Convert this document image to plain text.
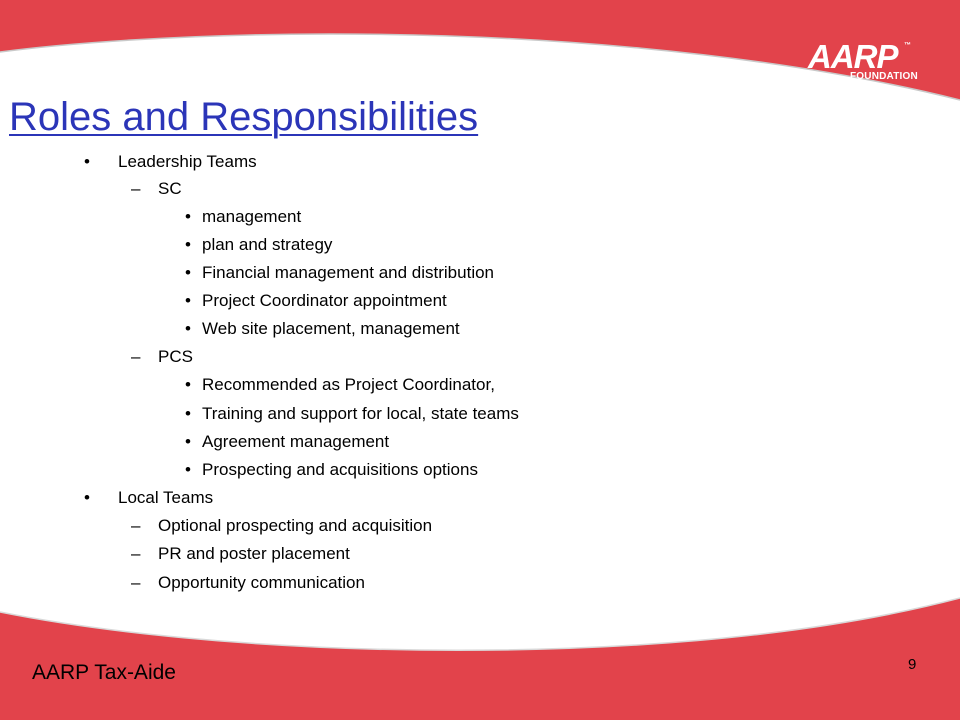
AARP ™
FOUNDATION
Roles and Responsibilities
• Leadership Teams
– SC
• management
• plan and strategy
• Financial management and distribution
• Project Coordinator appointment
• Web site placement, management
– PCS
• Recommended as Project Coordinator,
• Training and support for local, state teams
• Agreement management
• Prospecting and acquisitions options
• Local Teams
– Optional prospecting and acquisition
– PR and poster placement
– Opportunity communication
AARP Tax-Aide	9
